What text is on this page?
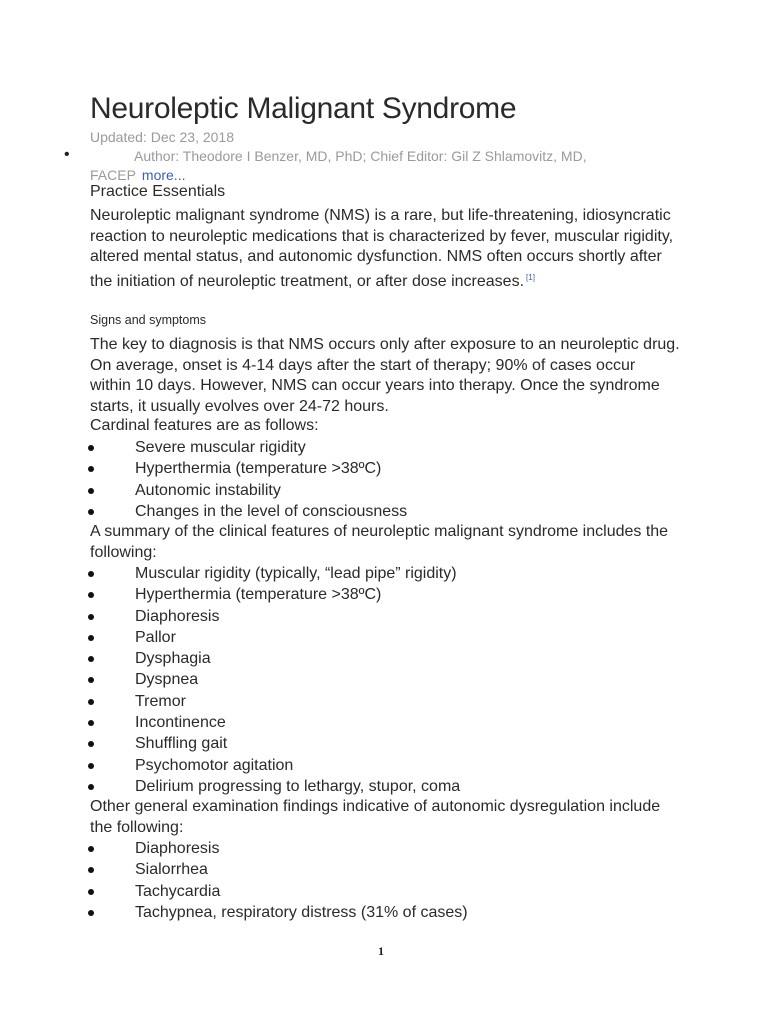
Neuroleptic Malignant Syndrome
Updated: Dec 23, 2018
•	Author: Theodore I Benzer, MD, PhD; Chief Editor: Gil Z Shlamovitz, MD, FACEP more...
Practice Essentials

Neuroleptic malignant syndrome (NMS) is a rare, but life-threatening, idiosyncratic reaction to neuroleptic medications that is characterized by fever, muscular rigidity, altered mental status, and autonomic dysfunction. NMS often occurs shortly after the initiation of neuroleptic treatment, or after dose increases. [1]

Signs and symptoms

The key to diagnosis is that NMS occurs only after exposure to an neuroleptic drug. On average, onset is 4-14 days after the start of therapy; 90% of cases occur within 10 days. However, NMS can occur years into therapy. Once the syndrome starts, it usually evolves over 24-72 hours.

Cardinal features are as follows:

Severe muscular rigidity
Hyperthermia (temperature >38ºC)
Autonomic instability
Changes in the level of consciousness

A summary of the clinical features of neuroleptic malignant syndrome includes the following:

Muscular rigidity (typically, “lead pipe” rigidity)
Hyperthermia (temperature >38ºC)
Diaphoresis
Pallor
Dysphagia
Dyspnea
Tremor
Incontinence
Shuffling gait
Psychomotor agitation
Delirium progressing to lethargy, stupor, coma

Other general examination findings indicative of autonomic dysregulation include the following:

Diaphoresis
Sialorrhea
Tachycardia
Tachypnea, respiratory distress (31% of cases)
1
